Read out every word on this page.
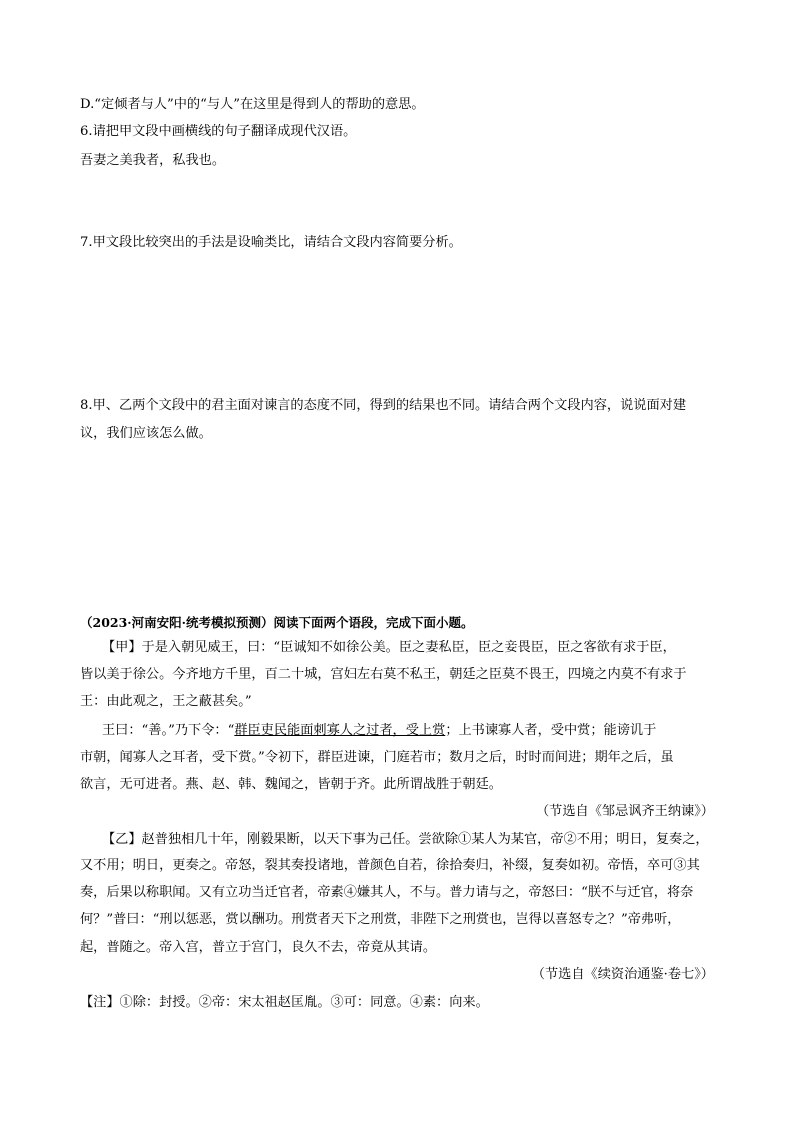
D.“定倾者与人”中的“与人”在这里是得到人的帮助的意思。
6.请把甲文段中画横线的句子翻译成现代汉语。
吾妻之美我者，私我也。
7.甲文段比较突出的手法是设喻类比，请结合文段内容简要分析。
8.甲、乙两个文段中的君主面对谏言的态度不同，得到的结果也不同。请结合两个文段内容，说说面对建
议，我们应该怎么做。
（2023·河南安阳·统考模拟预测）阅读下面两个语段，完成下面小题。
【甲】于是入朝见威王，曰：“臣诚知不如徐公美。臣之妻私臣，臣之妾畏臣，臣之客欲有求于臣，
皆以美于徐公。今齐地方千里，百二十城，宫妇左右莫不私王，朝廷之臣莫不畏王，四境之内莫不有求于
王：由此观之，王之蔽甚矣。”
王曰：“善。”乃下令：“群臣吏民能面刺寡人之过者，受上赏；上书谏寡人者，受中赏；能谤讥于
市朝，闻寡人之耳者，受下赏。”令初下，群臣进谏，门庭若市；数月之后，时时而间进；期年之后，虽
欲言，无可进者。燕、赵、韩、魏闻之，皆朝于齐。此所谓战胜于朝廷。
（节选自《邹忌讽齐王纳谏》）
【乙】赵普独相几十年，刚毅果断，以天下事为己任。尝欲除①某人为某官，帝②不用；明日，复奏之，
又不用；明日，更奏之。帝怒，裂其奏投诸地，普颜色自若，徐拾奏归，补缀，复奏如初。帝悟，卒可③其
奏，后果以称职闻。又有立功当迁官者，帝素④嫌其人，不与。普力请与之，帝怒曰：“朕不与迁官，将奈
何？”普曰：“刑以惩恶，赏以酬功。刑赏者天下之刑赏，非陛下之刑赏也，岂得以喜怒专之？”帝弗听，
起，普随之。帝入宫，普立于宫门，良久不去，帝竟从其请。
（节选自《续资治通鉴·卷七》）
【注】①除：封授。②帝：宋太祖赵匡胤。③可：同意。④素：向来。
